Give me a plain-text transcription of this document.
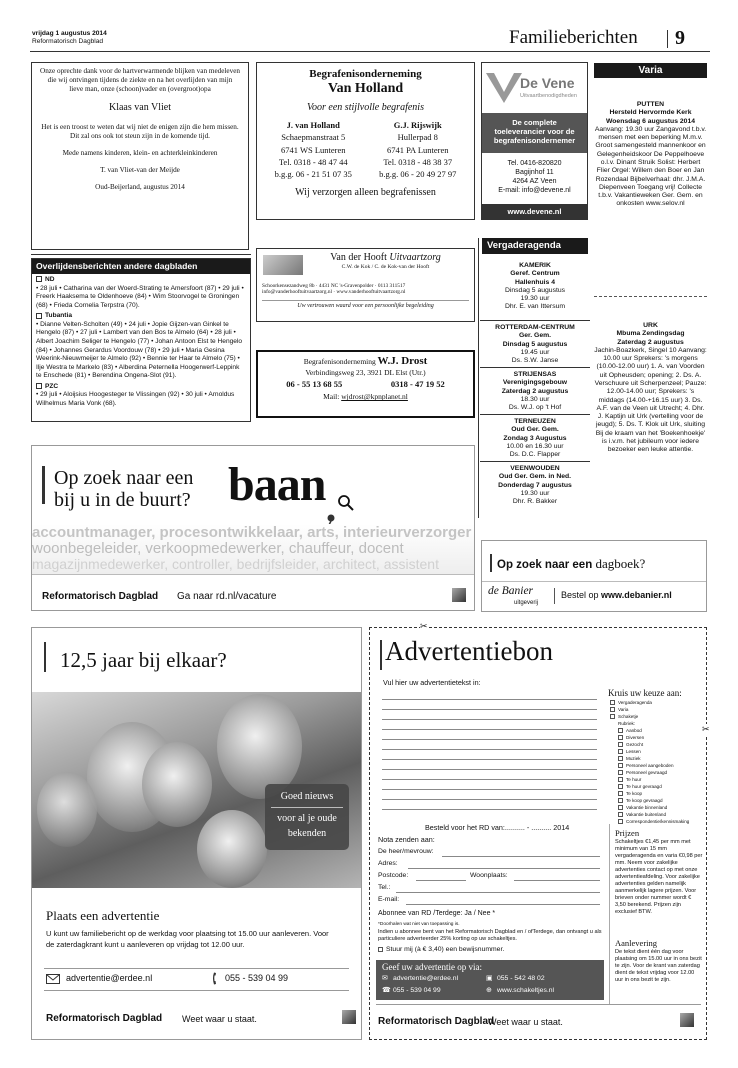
vrijdag 1 augustus 2014
Reformatorisch Dagblad	Familieberichten 9
Onze oprechte dank voor de hartverwarmende blijken van medeleven die wij ontvingen tijdens de ziekte en na het overlijden van mijn lieve man, onze (schoon)vader en (overgroot)opa
Klaas van Vliet
Het is een troost te weten dat wij niet de enigen zijn die hem missen. Dit zal ons ook tot steun zijn in de komende tijd.
Mede namens kinderen, klein- en achterkleinkinderen
T. van Vliet-van der Meijde
Oud-Beijerland, augustus 2014
Begrafenisonderneming
Van Holland
Voor een stijlvolle begrafenis
J. van Holland
Schaepmanstraat 5
6741 WS Lunteren
Tel. 0318 - 48 47 44
b.g.g. 06 - 21 51 07 35
G.J. Rijswijk
Hullerpad 8
6741 PA Lunteren
Tel. 0318 - 48 38 37
b.g.g. 06 - 20 49 27 97
Wij verzorgen alleen begrafenissen
De Vene
Uitvaartbenodigdheden
De complete toeleverancier voor de begrafenisondernemer
Tel. 0416-820820
Bagijnhof 11
4264 AZ Veen
E-mail: info@devene.nl
www.devene.nl
Varia
PUTTEN
Hersteld Hervormde Kerk
Woensdag 6 augustus 2014
Aanvang: 19.30 uur Zangavond t.b.v. mensen met een beperking M.m.v. Groot samengesteld mannenkoor en Gelegenheidskoor De Peppelhoeve o.l.v. Dinant Struik Solist: Herbert Flier Orgel: Willem den Boer en Jan Rozendaal Bijbelverhaal: dhr. J.M.A. Diepenveen Toegang vrij! Collecte t.b.v. Vakantieweken Ger. Gem. en onkosten www.selov.nl
URK
Mbuma Zendingsdag
Zaterdag 2 augustus
Jachin-Boazkerk, Singel 10 Aanvang: 10.00 uur Sprekers: 's morgens (10.00-12.00 uur) 1. A. van Voorden uit Opheusden; opening; 2. Ds. A. Verschuure uit Scherpenzeel; Pauze: 12.00-14.00 uur; Sprekers: 's middags (14.00-+16.15 uur) 3. Ds. A.F. van de Veen uit Utrecht; 4. Dhr. J. Kaptijn uit Urk (vertelling voor de jeugd); 5. Ds. T. Klok uit Urk, sluiting Bij de kraam van het 'Boekenhoekje' is i.v.m. het jubileum voor iedere bezoeker een leuke attentie.
Vergaderagenda
KAMERIK
Geref. Centrum
Hallenhuis 4
Dinsdag 5 augustus
19.30 uur
Dhr. E. van Ittersum
ROTTERDAM-CENTRUM
Ger. Gem.
Dinsdag 5 augustus
19.45 uur
Ds. S.W. Janse
STRIJENSAS
Verenigingsgebouw
Zaterdag 2 augustus
18.30 uur
Ds. W.J. op 't Hof
TERNEUZEN
Oud Ger. Gem.
Zondag 3 Augustus
10.00 en 16.30 uur
Ds. D.C. Flapper
VEENWOUDEN
Oud Ger. Gem. in Ned.
Donderdag 7 augustus
19.30 uur
Dhr. R. Bakker
Van der Hooft Uitvaartzorg
C.W. de Kok / C. de Kok-van der Hooft
Schoorkensezandweg 8b · 4431 NC 's-Gravenpolder · 0113 311517
info@vanderhooftuitvaartzorg.nl · www.vanderhooftuitvaartzorg.nl
Uw vertrouwen waard voor een persoonlijke begeleiding
Begrafenisonderneming W.J. Drost
Verbindingsweg 23, 3921 DL Elst (Utr.)
06 - 55 13 68 55	0318 - 47 19 52
Mail: wjdrost@kpnplanet.nl
Overlijdensberichten andere dagbladen
ND
• 28 juli • Catharina van der Woerd-Strating te Amersfoort (87) • 29 juli • Freerk Haaksema te Oldenhoeve (84) • Wim Stoorvogel te Groningen (68) • Frieda Cornelia Terpstra (70).
Tubantia
• Dianne Velten-Scholten (49) • 24 juli • Jopie Gijzen-van Ginkel te Hengelo (87) • 27 juli • Lambert van den Bos te Almelo (64) • 28 juli • Albert Joachim Seliger te Hengelo (77) • Johan Antoon Elst te Hengelo (84) • Johannes Gerardus Voordouw (78) • 29 juli • Maria Gesina Weerink-Nieuwmeijer te Almelo (92) • Bennie ter Haar te Almelo (75) • Ilje Westra te Markelo (83) • Alberdina Peternella Hoogerwerf-Leppink te Enschede (81) • Berendina Ongena-Slot (91).
PZC
• 29 juli • Aloijsius Hoogesteger te Vlissingen (92) • 30 juli • Arnoldus Wilhelmus Maria Vonk (68).
Op zoek naar een
bij u in de buurt? baan
accountmanager, procesontwikkelaar, arts, interieurverzorger
woonbegeleider, verkoopmedewerker, chauffeur, docent
magazijnmedewerker, controller, bedrijfsleider, architect, assistent
Reformatorisch Dagblad Ga naar rd.nl/vacature
Op zoek naar een dagboek?
de Banier
uitgeverij
Bestel op www.debanier.nl
12,5 jaar bij elkaar?
Goed nieuws
voor al je oude
bekenden
Plaats een advertentie
U kunt uw familiebericht op de werkdag voor plaatsing tot 15.00 uur aanleveren. Voor de zaterdagkrant kunt u aanleveren op vrijdag tot 12.00 uur.
advertentie@erdee.nl	055 - 539 04 99
Reformatorisch Dagblad Weet waar u staat.
✂
✂
Advertentiebon
Vul hier uw advertentietekst in:
Kruis uw keuze aan:
Vergaderagenda
Varia
Schaketje
Rubriek:
Aanbod
Diversen
Gezocht
Lessen
Muziek
Personeel aangeboden
Personeel gevraagd
Te huur
Te huur gevraagd
Te koop
Te koop gevraagd
Vakantie binnenland
Vakantie buitenland
Correspondentie/kennismaking
Besteld voor het RD van:.......... - .......... 2014
Nota zenden aan:
De heer/mevrouw:
Adres:
Postcode:	Woonplaats:
Tel.:
E-mail:
Abonnee van RD /Terdege: Ja / Nee *
*Doorhalen wat niet van toepassing is.
Indien u abonnee bent van het Reformatorisch Dagblad en / ofTerdege, dan ontvangt u als particuliere adverteerder 25% korting op uw schakeltjes.
Stuur mij (à € 3,40) een bewijsnummer.
Geef uw advertentie op via:
✉ advertentie@erdee.nl	▣ 055 - 542 48 02
☎ 055 - 539 04 99	⊕ www.schakeltjes.nl
Prijzen
Schakeltjes €1,45 per mm met minimum van 15 mm vergaderagenda en varia €0,98 per mm. Neem voor zakelijke advertenties contact op met onze advertentieafdeling. Voor zakelijke advertenties gelden namelijk aanmerkelijk lagere prijzen. Voor brieven onder nummer wordt € 3,50 berekend. Prijzen zijn exclusief BTW.
Aanlevering
De tekst dient één dag voor plaatsing om 15.00 uur in ons bezit te zijn. Voor de krant van zaterdag dient de tekst vrijdag voor 12.00 uur in ons bezit te zijn.
Reformatorisch Dagblad
Weet waar u staat.
